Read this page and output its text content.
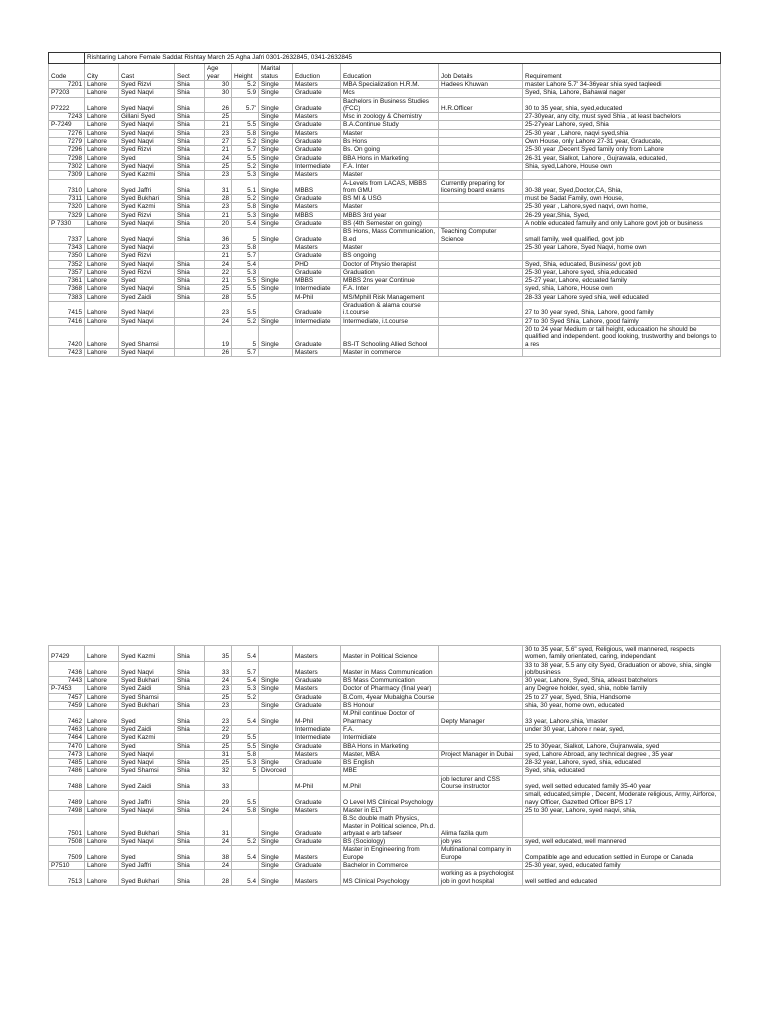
	Rishtaring Lahore Female Saddat Rishtay March 25 Agha Jafri 0301-2632845, 0341-2632845									
Code	City	Cast	Sect	Age year	Height	Marital status	Eduction	Education	Job Details	Requirement
7201	Lahore	Syed Rizvi	Shia	30	5.2	Single	Masters	MBA Specialization H.R.M.	Hadees Khuwan	master Lahore 5.7' 34-36year shia syed taqleedi
P7203	Lahore	Syed Naqvi	Shia	30	5.9	Single	Graduate	Mcs		Syed, Shia, Lahore, Bahawal nager
P7222	Lahore	Syed Naqvi	Shia	26	5.7'	Single	Graduate	Bachelors in Business Studies (FCC)	H.R.Officer	30 to 35 year, shia, syed,educated
7243	Lahore	Gillani Syed	Shia	25		Single	Masters	Msc in zoology & Chemistry		27-30year, any city, must syed Shia , at least bachelors
P-7249	Lahore	Syed Naqvi	Shia	21	5.5	Single	Graduate	B.A.Continue Study		25-27year Lahore, syed, Shia
7276	Lahore	Syed Naqvi	Shia	23	5.8	Single	Masters	Master		25-30 year , Lahore, naqvi syed,shia
7279	Lahore	Syed Naqvi	Shia	27	5.2	Single	Graduate	Bs Hons		Own House, only Lahore 27-31 year, Graducate,
7296	Lahore	Syed Rizvi	Shia	21	5.7	Single	Graduate	Bs. On going		25-30 year ,Decent Syed family only from Lahore
7298	Lahore	Syed	Shia	24	5.5	Single	Graduate	BBA Hons in Marketing		26-31 year, Sialkot, Lahore , Gujrawala, educated,
7302	Lahore	Syed Naqvi	Shia	25	5.2	Single	Intermediate	F.A. Inter		Shia, syed,Lahore, House own
7309	Lahore	Syed Kazmi	Shia	23	5.3	Single	Masters	Master		
7310	Lahore	Syed Jaffri	Shia	31	5.1	Single	MBBS	A-Levels from LACAS, MBBS from GMU	Currently preparing for licensing board exams	30-38 year, Syed,Doctor,CA, Shia,
7311	Lahore	Syed Bukhari	Shia	28	5.2	Single	Graduate	BS Ml & USG		must be Sadat Family, own House,
7320	Lahore	Syed Kazmi	Shia	23	5.8	Single	Masters	Master		25-30 year , Lahore,syed naqvi, own home,
7329	Lahore	Syed Rizvi	Shia	21	5.3	Single	MBBS	MBBS 3rd year		26-29 year,Shia, Syed,
P 7330	Lahore	Syed Naqvi	Shia	20	5.4	Single	Graduate	BS (4th Semester on going)		A noble educated famuily and only Lahore govt job or business
7337	Lahore	Syed Naqvi	Shia	36	5	Single	Graduate	BS Hons, Mass Communication, B.ed	Teaching Computer Science	small family, well qualified, govt job
7343	Lahore	Syed Naqvi		23	5.8		Masters	Master		25-30 year Lahore, Syed Naqvi, home own
7350	Lahore	Syed Rizvi		21	5.7		Graduate	BS ongoing		
7352	Lahore	Syed Naqvi	Shia	24	5.4		PHD	Doctor of Physio therapist		Syed, Shia, educated, Business/ govt job
7357	Lahore	Syed Rizvi	Shia	22	5.3		Graduate	Graduation		25-30 year, Lahore syed, shia,educated
7361	Lahore	Syed	Shia	21	5.5	Single	MBBS	MBBS 2ns year Continue		25-27 year, Lahore, edcuated family
7368	Lahore	Syed Naqvi	Shia	25	5.5	Single	Intermediate	F.A. Inter		syed, shia, Lahore, House own
7383	Lahore	Syed Zaidi	Shia	28	5.5		M-Phil	MS/Mphill Risk Management		28-33 year Lahore syed shia, well educated
7415	Lahore	Syed Naqvi		23	5.5		Graduate	Graduation & alama course i.t.course		27 to 30 year syed, Shia, Lahore, good family
7416	Lahore	Syed Naqvi		24	5.2	Single	Intermediate	Intermediate, i.t.course		27 to 30 Syed Shia, Lahore, good faimly
7420	Lahore	Syed Shamsi		19	5	Single	Graduate	BS-IT Schooling Allied School		20 to 24 year Medium or tall height, educaation he should be qualified and independent. good looking, trustworthy and belongs to a res
7423	Lahore	Syed Naqvi		26	5.7		Masters	Master in commerce		
P7429	Lahore	Syed Kazmi	Shia	35	5.4		Masters	Master in Political Science		30 to 35 year, 5.6" syed, Religious, well mannered, respects women, family orientated, caring, independant
7436	Lahore	Syed Naqvi	Shia	33	5.7		Masters	Master in Mass Communication		33 to 38 year, 5.5 any city Syed, Graduation or above, shia, single job/business
7443	Lahore	Syed Bukhari	Shia	24	5.4	Single	Graduate	BS Mass Communication		30 year, Lahore, Syed, Shia, atleast batchelors
P-7453	Lahore	Syed Zaidi	Shia	23	5.3	Single	Masters	Doctor of Pharmacy (final year)		any Degree holder, syed, shia, noble family
7457	Lahore	Syed Shamsi		25	5.2		Graduate	B.Com, 4year Mubalgha Course		25 to 27 year, Syed, Shia, Handsome
7459	Lahore	Syed Bukhari	Shia	23		Single	Graduate	BS Honour		shia, 30 year, home own, educated
7462	Lahore	Syed	Shia	23	5.4	Single	M-Phil	M.Phil continue Doctor of Pharmacy	Depty Manager	33 year, Lahore,shia, \master
7463	Lahore	Syed Zaidi	Shia	22			Intermediate	F.A.		under 30 year, Lahore r near, syed,
7464	Lahore	Syed Kazmi		29	5.5		Intermediate	Intermidiate		
7470	Lahore	Syed	Shia	25	5.5	Single	Graduate	BBA Hons in Marketing		25 to 30year, Sialkot, Lahore, Gujranwala, syed
7473	Lahore	Syed Naqvi		31	5.8		Masters	Master, MBA	Project Manager in Dubai	syed, Lahore Abroad, any technical degree , 35 year
7485	Lahore	Syed Naqvi	Shia	25	5.3	Single	Graduate	BS English		28-32 year, Lahore, syed, shia, educated
7486	Lahore	Syed Shamsi	Shia	32	5	Divorced		MBE		Syed, shia, educated
7488	Lahore	Syed Zaidi	Shia	33			M-Phil	M.Phil	job lecturer and CSS Course instructor	syed, well setted educated family 35-40 year
7489	Lahore	Syed Jaffri	Shia	29	5.5		Graduate	O Level MS Clinical Psychology		small, educated,simple , Decent, Moderate religious, Army, Airforce, navy Officer, Gazetted Officer BPS 17
7498	Lahore	Syed Naqvi	Shia	24	5.8	Single	Masters	Master in ELT		25 to 30 year, Lahore, syed naqvi, shia,
7501	Lahore	Syed Bukhari	Shia	31		Single	Graduate	B.Sc double math Physics, Master in Political science, Ph.d. arbyaat e arb tafseer	Alima fazila qum	
7508	Lahore	Syed Naqvi	Shia	24	5.2	Single	Graduate	BS (Sociology)	job yes	syed, well educated, well mannered
7509	Lahore	Syed	Shia	38	5.4	Single	Masters	Master in Engineering from Europe	Multinational company in Europe	Compatible age and education settled in Europe or Canada
P7510	Lahore	Syed Jaffri	Shia	24		Single	Graduate	Bachelor in Commerce		25-30 year, syed, educated family
7513	Lahore	Syed Bukhari	Shia	28	5.4	Single	Masters	MS Clinical Psychology	working as a psychologist job in govt hospital	well settled and educated
